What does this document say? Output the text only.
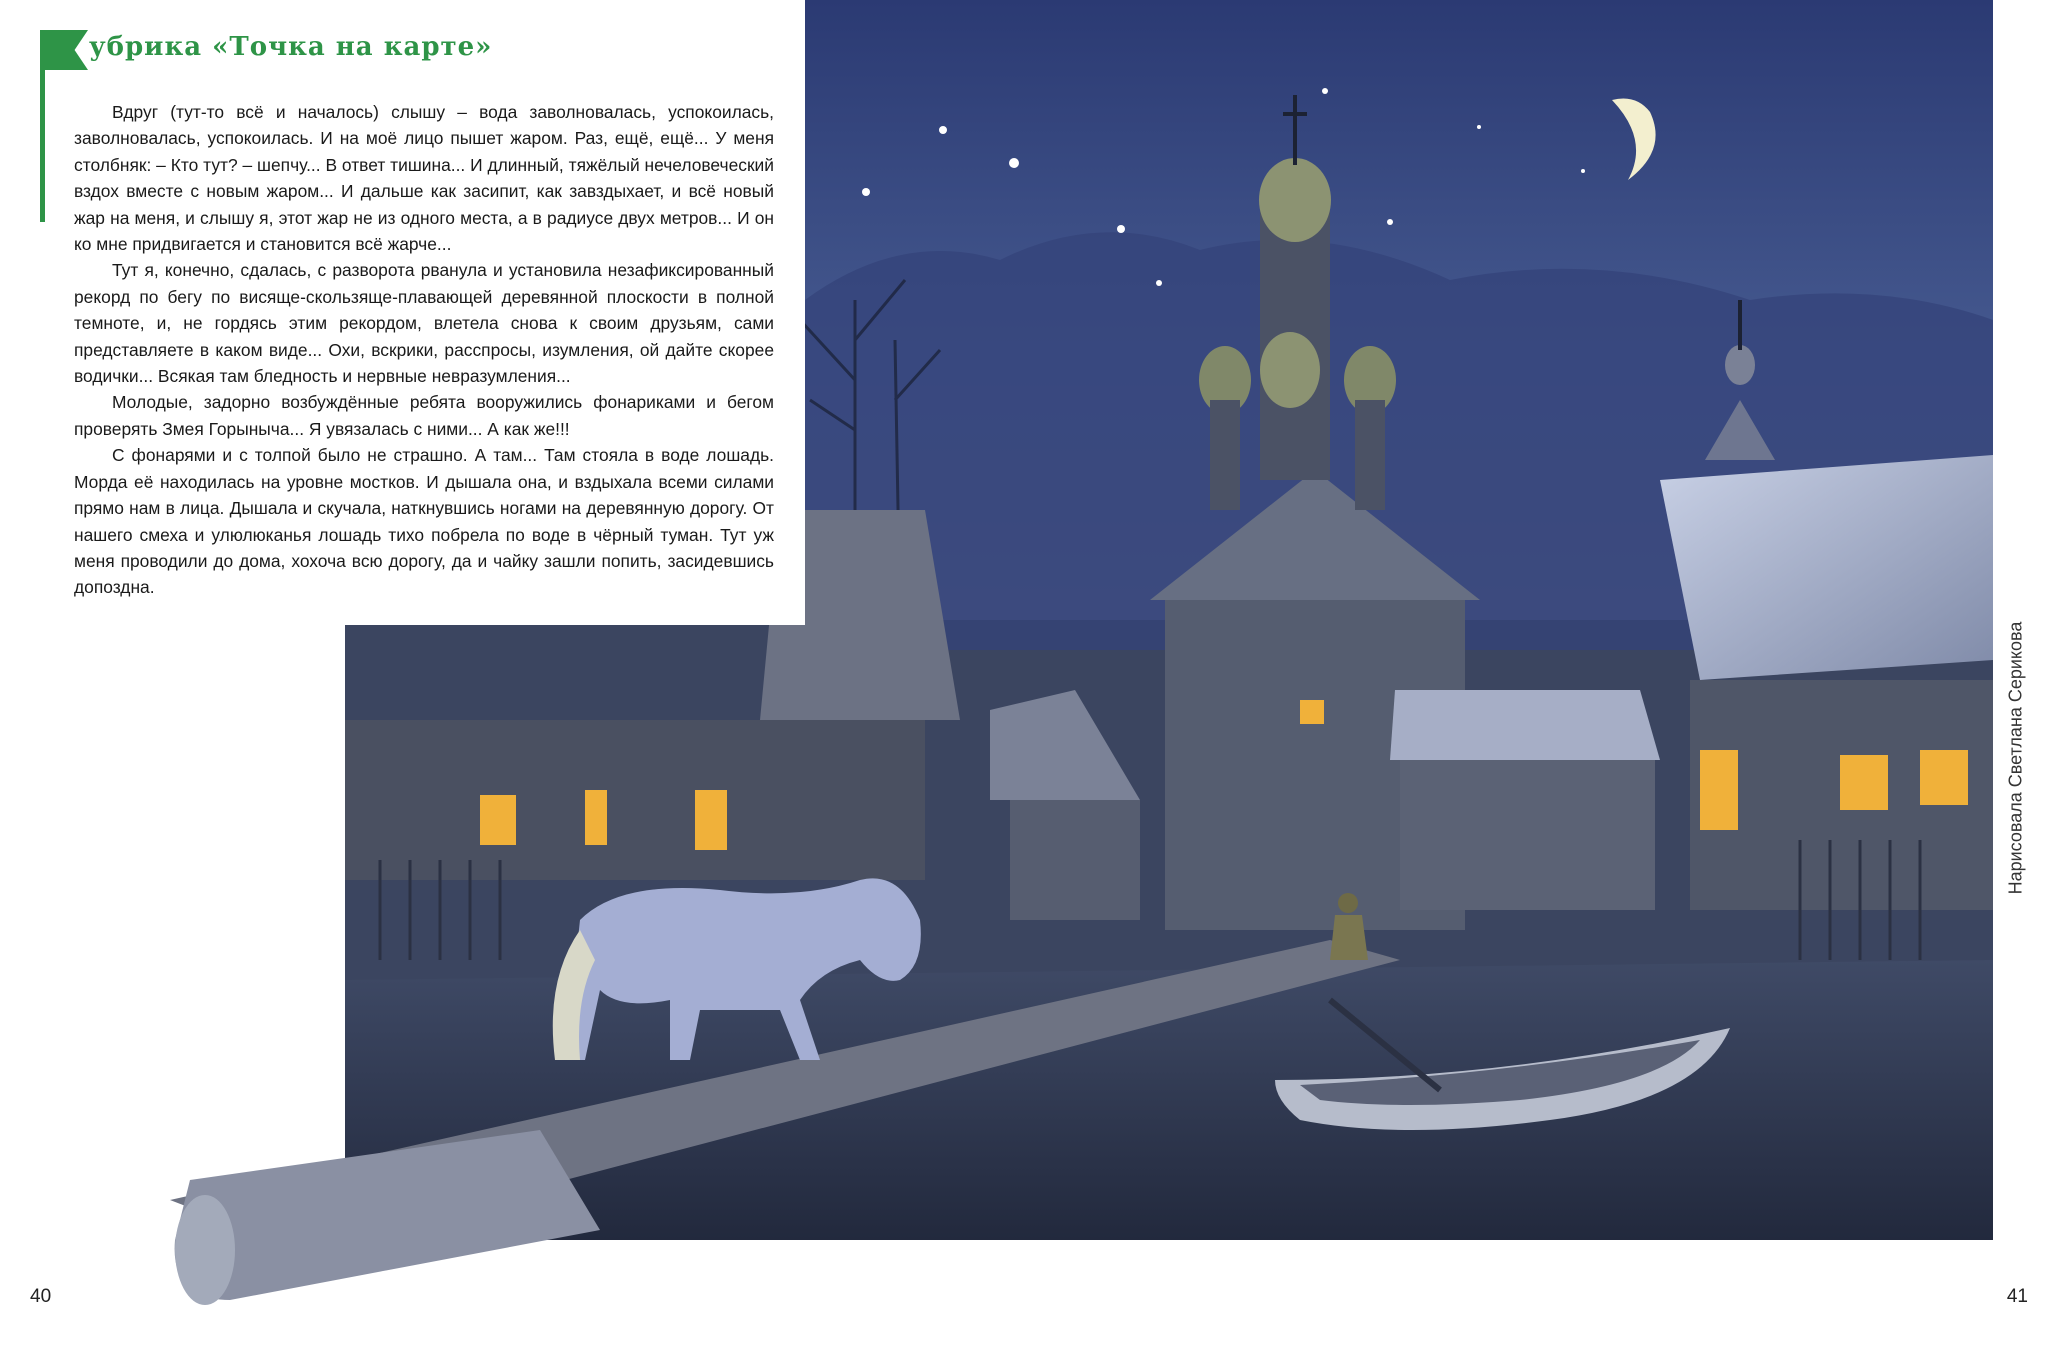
убрика «Точка на карте»

Вдруг (тут-то всё и началось) слышу – вода заволновалась, успокоилась, заволновалась, успокоилась. И на моё лицо пышет жаром. Раз, ещё, ещё... У меня столбняк: – Кто тут? – шепчу... В ответ тишина... И длинный, тяжёлый нечеловеческий вздох вместе с новым жаром... И дальше как засипит, как завздыхает, и всё новый жар на меня, и слышу я, этот жар не из одного места, а в радиусе двух метров... И он ко мне придвигается и становится всё жарче...

Тут я, конечно, сдалась, с разворота рванула и установила незафиксированный рекорд по бегу по висяще-скользяще-плавающей деревянной плоскости в полной темноте, и, не гордясь этим рекордом, влетела снова к своим друзьям, сами представляете в каком виде... Охи, вскрики, расспросы, изумления, ой дайте скорее водички... Всякая там бледность и нервные невразумления...

Молодые, задорно возбуждённые ребята вооружились фонариками и бегом проверять Змея Горыныча... Я увязалась с ними... А как же!!!

С фонарями и с толпой было не страшно. А там... Там стояла в воде лошадь. Морда её находилась на уровне мостков. И дышала она, и вздыхала всеми силами прямо нам в лица. Дышала и скучала, наткнувшись ногами на деревянную дорогу. От нашего смеха и улюлюканья лошадь тихо побрела по воде в чёрный туман. Тут уж меня проводили до дома, хохоча всю дорогу, да и чайку зашли попить, засидевшись допоздна.

Нарисовала Светлана Серикова
40	41
